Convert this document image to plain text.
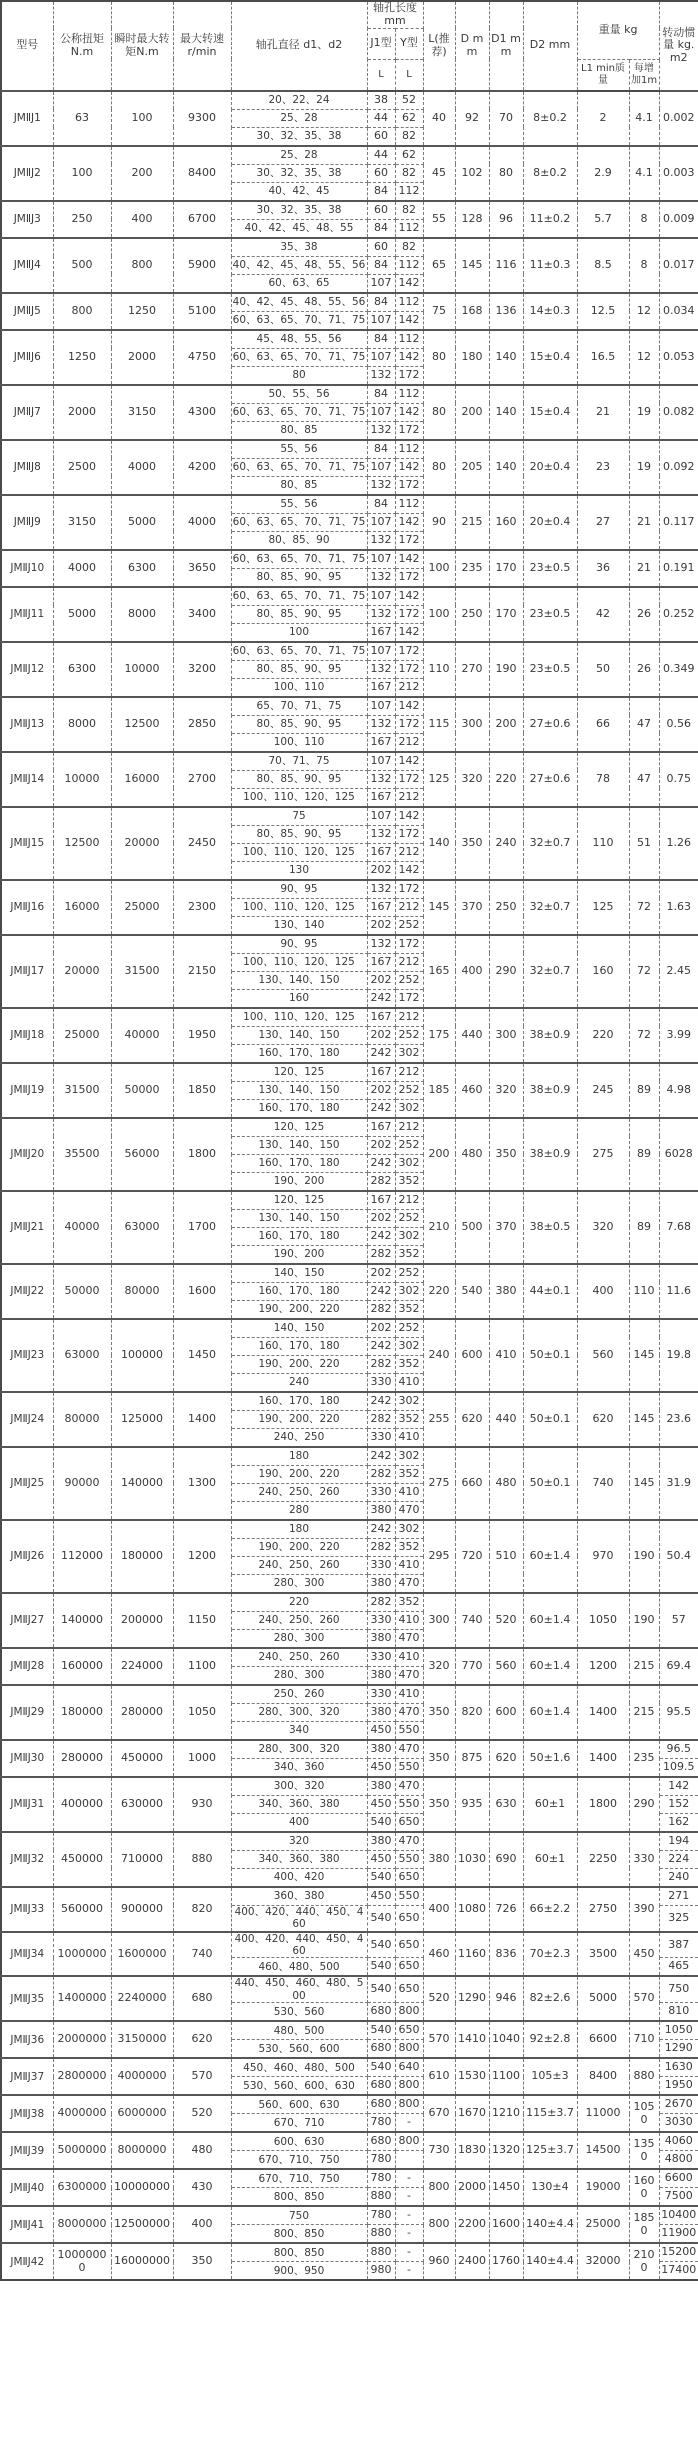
型号	公称扭矩N.m	瞬时最大转矩N.m	最大转速 r/min	轴孔直径 d1、d2	轴孔长度 mm		L(推荐)	D mm	D1 mm	D2 mm	重量 kg		转动惯量 kg.m2
					J1型	Y型							
					L	L					L1 min质量	每增加1m	
JMⅡJ1	63	100	9300	20、22、24	38	52	40	92	70	8±0.2	2	4.1	0.002
				25、28	44	62							
				30、32、35、38	60	82							
JMⅡJ2	100	200	8400	25、28	44	62	45	102	80	8±0.2	2.9	4.1	0.003
				30、32、35、38	60	82							
				40、42、45	84	112							
JMⅡJ3	250	400	6700	30、32、35、38	60	82	55	128	96	11±0.2	5.7	8	0.009
				40、42、45、48、55	84	112							
JMⅡJ4	500	800	5900	35、38	60	82	65	145	116	11±0.3	8.5	8	0.017
				40、42、45、48、55、56	84	112							
				60、63、65	107	142							
JMⅡJ5	800	1250	5100	40、42、45、48、55、56	84	112	75	168	136	14±0.3	12.5	12	0.034
				60、63、65、70、71、75	107	142							
JMⅡJ6	1250	2000	4750	45、48、55、56	84	112	80	180	140	15±0.4	16.5	12	0.053
				60、63、65、70、71、75	107	142							
				80	132	172							
JMⅡJ7	2000	3150	4300	50、55、56	84	112	80	200	140	15±0.4	21	19	0.082
				60、63、65、70、71、75	107	142							
				80、85	132	172							
JMⅡJ8	2500	4000	4200	55、56	84	112	80	205	140	20±0.4	23	19	0.092
				60、63、65、70、71、75	107	142							
				80、85	132	172							
JMⅡJ9	3150	5000	4000	55、56	84	112	90	215	160	20±0.4	27	21	0.117
				60、63、65、70、71、75	107	142							
				80、85、90	132	172							
JMⅡJ10	4000	6300	3650	60、63、65、70、71、75	107	142	100	235	170	23±0.5	36	21	0.191
				80、85、90、95	132	172							
JMⅡJ11	5000	8000	3400	60、63、65、70、71、75	107	142	100	250	170	23±0.5	42	26	0.252
				80、85、90、95	132	172							
				100	167	142							
JMⅡJ12	6300	10000	3200	60、63、65、70、71、75	107	172	110	270	190	23±0.5	50	26	0.349
				80、85、90、95	132	172							
				100、110	167	212							
JMⅡJ13	8000	12500	2850	65、70、71、75	107	142	115	300	200	27±0.6	66	47	0.56
				80、85、90、95	132	172							
				100、110	167	212							
JMⅡJ14	10000	16000	2700	70、71、75	107	142	125	320	220	27±0.6	78	47	0.75
				80、85、90、95	132	172							
				100、110、120、125	167	212							
JMⅡJ15	12500	20000	2450	75	107	142	140	350	240	32±0.7	110	51	1.26
				80、85、90、95	132	172							
				100、110、120、125	167	212							
				130	202	142							
JMⅡJ16	16000	25000	2300	90、95	132	172	145	370	250	32±0.7	125	72	1.63
				100、110、120、125	167	212							
				130、140	202	252							
JMⅡJ17	20000	31500	2150	90、95	132	172	165	400	290	32±0.7	160	72	2.45
				100、110、120、125	167	212							
				130、140、150	202	252							
				160	242	172							
JMⅡJ18	25000	40000	1950	100、110、120、125	167	212	175	440	300	38±0.9	220	72	3.99
				130、140、150	202	252							
				160、170、180	242	302							
JMⅡJ19	31500	50000	1850	120、125	167	212	185	460	320	38±0.9	245	89	4.98
				130、140、150	202	252							
				160、170、180	242	302							
JMⅡJ20	35500	56000	1800	120、125	167	212	200	480	350	38±0.9	275	89	6028
				130、140、150	202	252							
				160、170、180	242	302							
				190、200	282	352							
JMⅡJ21	40000	63000	1700	120、125	167	212	210	500	370	38±0.5	320	89	7.68
				130、140、150	202	252							
				160、170、180	242	302							
				190、200	282	352							
JMⅡJ22	50000	80000	1600	140、150	202	252	220	540	380	44±0.1	400	110	11.6
				160、170、180	242	302							
				190、200、220	282	352							
JMⅡJ23	63000	100000	1450	140、150	202	252	240	600	410	50±0.1	560	145	19.8
				160、170、180	242	302							
				190、200、220	282	352							
				240	330	410							
JMⅡJ24	80000	125000	1400	160、170、180	242	302	255	620	440	50±0.1	620	145	23.6
				190、200、220	282	352							
				240、250	330	410							
JMⅡJ25	90000	140000	1300	180	242	302	275	660	480	50±0.1	740	145	31.9
				190、200、220	282	352							
				240、250、260	330	410							
				280	380	470							
JMⅡJ26	112000	180000	1200	180	242	302	295	720	510	60±1.4	970	190	50.4
				190、200、220	282	352							
				240、250、260	330	410							
				280、300	380	470							
JMⅡJ27	140000	200000	1150	220	282	352	300	740	520	60±1.4	1050	190	57
				240、250、260	330	410							
				280、300	380	470							
JMⅡJ28	160000	224000	1100	240、250、260	330	410	320	770	560	60±1.4	1200	215	69.4
				280、300	380	470							
JMⅡJ29	180000	280000	1050	250、260	330	410	350	820	600	60±1.4	1400	215	95.5
				280、300、320	380	470							
				340	450	550							
JMⅡJ30	280000	450000	1000	280、300、320	380	470	350	875	620	50±1.6	1400	235	96.5
				340、360	450	550							109.5
JMⅡJ31	400000	630000	930	300、320	380	470	350	935	630	60±1	1800	290	142
				340、360、380	450	550							152
				400	540	650							162
JMⅡJ32	450000	710000	880	320	380	470	380	1030	690	60±1	2250	330	194
				340、360、380	450	550							224
				400、420	540	650							240
JMⅡJ33	560000	900000	820	360、380	450	550	400	1080	726	66±2.2	2750	390	271
				400、420、440、450、460	540	650							325
JMⅡJ34	1000000	1600000	740	400、420、440、450、460	540	650	460	1160	836	70±2.3	3500	450	387
				460、480、500	540	650							465
JMⅡJ35	1400000	2240000	680	440、450、460、480、500	540	650	520	1290	946	82±2.6	5000	570	750
				530、560	680	800							810
JMⅡJ36	2000000	3150000	620	480、500	540	650	570	1410	1040	92±2.8	6600	710	1050
				530、560、600	680	800							1290
JMⅡJ37	2800000	4000000	570	450、460、480、500	540	640	610	1530	1100	105±3	8400	880	1630
				530、560、600、630	680	800							1950
JMⅡJ38	4000000	6000000	520	560、600、630	680	800	670	1670	1210	115±3.7	11000	1050	2670
				670、710	780	-							3030
JMⅡJ39	5000000	8000000	480	600、630	680	800	730	1830	1320	125±3.7	14500	1350	4060
				670、710、750	780								4800
JMⅡJ40	6300000	10000000	430	670、710、750	780	-	800	2000	1450	130±4	19000	1600	6600
				800、850	880	-							7500
JMⅡJ41	8000000	12500000	400	750	780	-	800	2200	1600	140±4.4	25000	1850	10400
				800、850	880	-							11900
JMⅡJ42	10000000	16000000	350	800、850	880	-	960	2400	1760	140±4.4	32000	2100	15200
				900、950	980	-							17400
